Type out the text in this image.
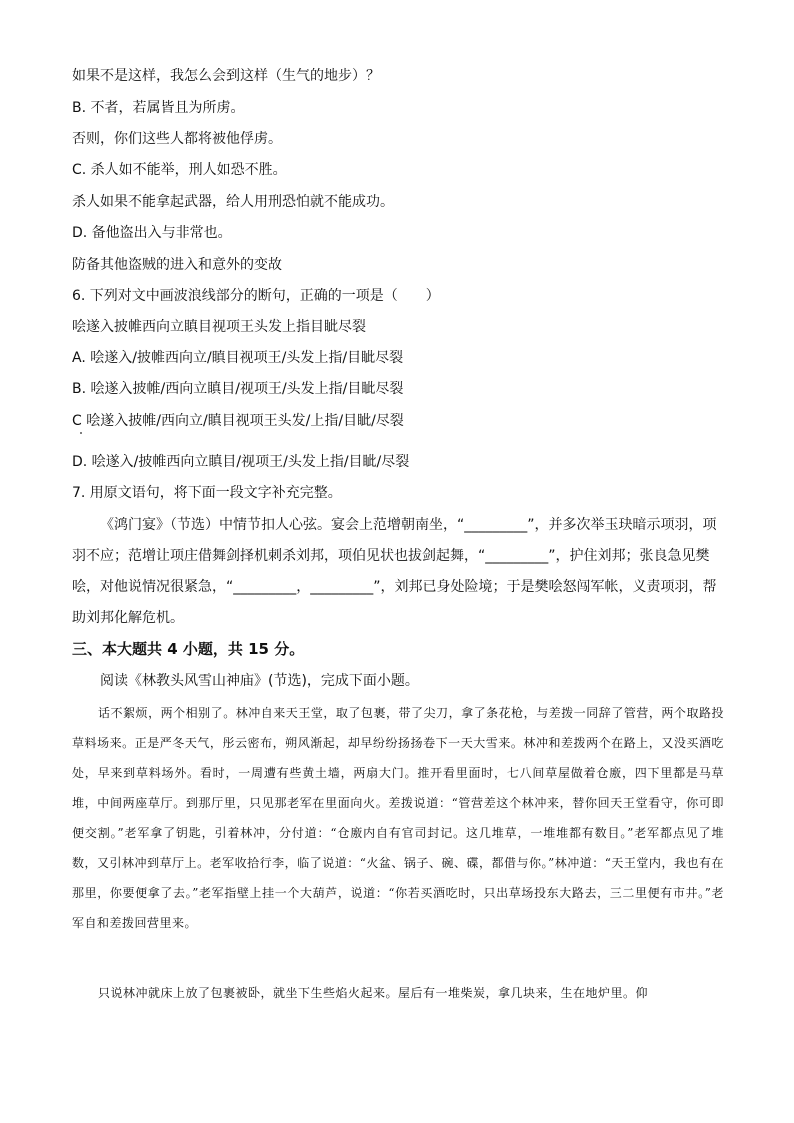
如果不是这样，我怎么会到这样（生气的地步）？
B. 不者，若属皆且为所虏。
否则，你们这些人都将被他俘虏。
C. 杀人如不能举，刑人如恐不胜。
杀人如果不能拿起武器，给人用刑恐怕就不能成功。
D. 备他盗出入与非常也。
防备其他盗贼的进入和意外的变故
6. 下列对文中画波浪线部分的断句，正确的一项是（　　）
哙遂入披帷西向立瞋目视项王头发上指目眦尽裂
A. 哙遂入/披帷西向立/瞋目视项王/头发上指/目眦尽裂
B. 哙遂入披帷/西向立瞋目/视项王/头发上指/目眦尽裂
C 哙遂入披帷/西向立/瞋目视项王头发/上指/目眦/尽裂
D. 哙遂入/披帷西向立瞋目/视项王/头发上指/目眦/尽裂
7. 用原文语句，将下面一段文字补充完整。
《鸿门宴》（节选）中情节扣人心弦。宴会上范增朝南坐，“_________”，并多次举玉玦暗示项羽，项羽不应；范增让项庄借舞剑择机刺杀刘邦，项伯见状也拔剑起舞，“_________”，护住刘邦；张良急见樊哙，对他说情况很紧急，“_________，_________”，刘邦已身处险境；于是樊哙怒闯军帐，义责项羽，帮助刘邦化解危机。
三、本大题共 4 小题，共 15 分。
阅读《林教头风雪山神庙》(节选)，完成下面小题。
话不絮烦，两个相别了。林冲自来天王堂，取了包裹，带了尖刀，拿了条花枪，与差拨一同辞了管营，两个取路投草料场来。正是严冬天气，彤云密布，朔风渐起，却早纷纷扬扬卷下一天大雪来。林冲和差拨两个在路上，又没买酒吃处，早来到草料场外。看时，一周遭有些黄土墙，两扇大门。推开看里面时，七八间草屋做着仓廒，四下里都是马草堆，中间两座草厅。到那厅里，只见那老军在里面向火。差拨说道：“管营差这个林冲来，替你回天王堂看守，你可即便交割。”老军拿了钥匙，引着林冲，分付道：“仓廒内自有官司封记。这几堆草，一堆堆都有数目。”老军都点见了堆数，又引林冲到草厅上。老军收拾行李，临了说道：“火盆、锅子、碗、碟，都借与你。”林冲道：“天王堂内，我也有在那里，你要便拿了去。”老军指壁上挂一个大葫芦，说道：“你若买酒吃时，只出草场投东大路去，三二里便有市井。”老军自和差拨回营里来。
只说林冲就床上放了包裹被卧，就坐下生些焰火起来。屋后有一堆柴炭，拿几块来，生在地炉里。仰
